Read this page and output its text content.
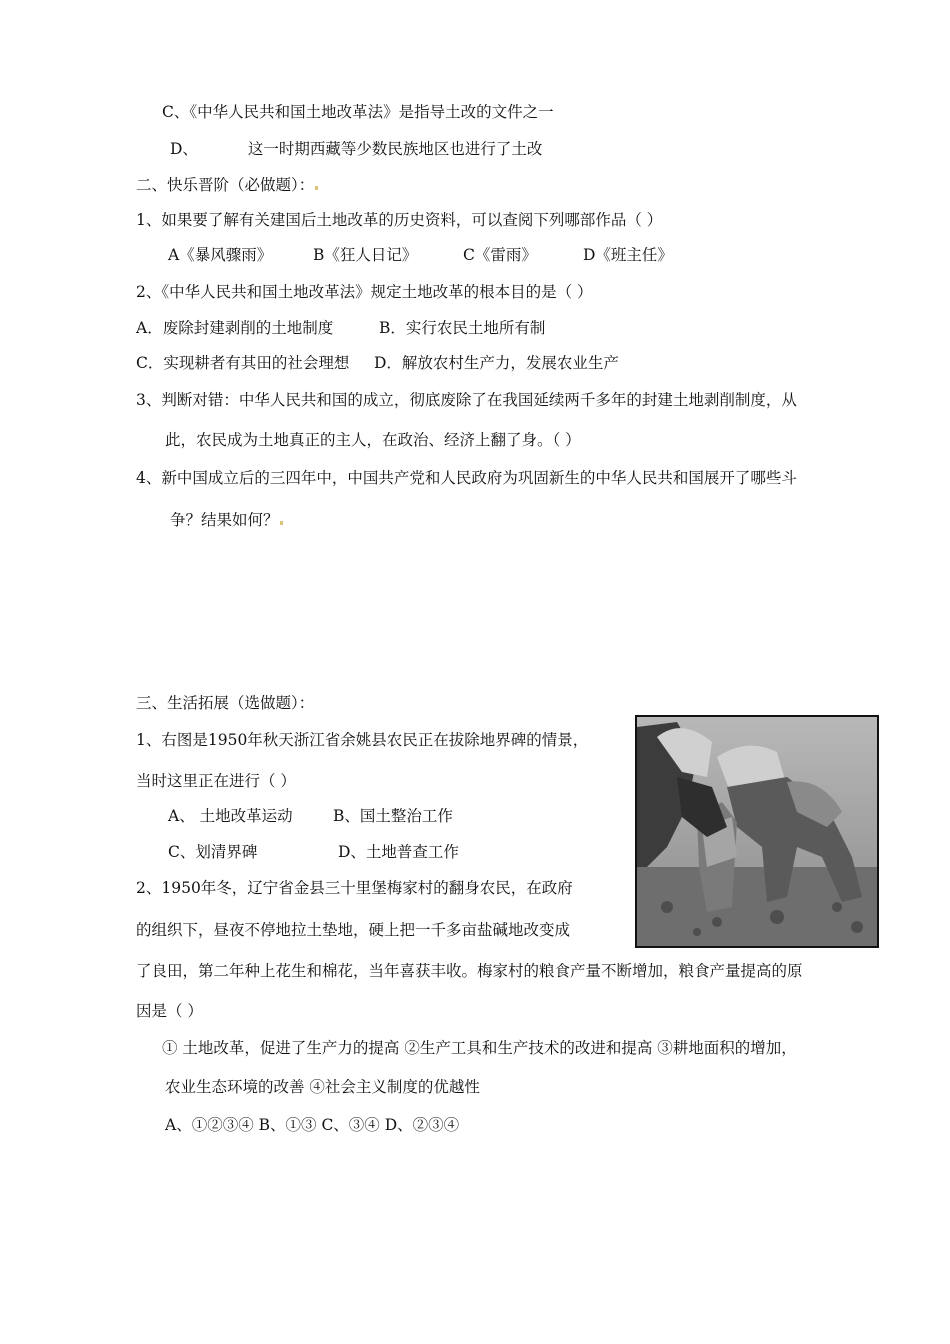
C、《中华人民共和国土地改革法》是指导土改的文件之一
D、	这一时期西藏等少数民族地区也进行了土改
二、快乐晋阶（必做题）：
1、如果要了解有关建国后土地改革的历史资料，可以查阅下列哪部作品（ ）
A《暴风骤雨》	B《狂人日记》	C《雷雨》	D《班主任》
2、《中华人民共和国土地改革法》规定土地改革的根本目的是（ ）
A．废除封建剥削的土地制度	B．实行农民土地所有制
C．实现耕者有其田的社会理想 D．解放农村生产力，发展农业生产
3、判断对错：中华人民共和国的成立，彻底废除了在我国延续两千多年的封建土地剥削制度，从
此，农民成为土地真正的主人，在政治、经济上翻了身。（ ）
4、新中国成立后的三四年中，中国共产党和人民政府为巩固新生的中华人民共和国展开了哪些斗
争？结果如何？
三、生活拓展（选做题）：
1、右图是1950年秋天浙江省余姚县农民正在拔除地界碑的情景，
当时这里正在进行（ ）
A、 土地改革运动	B、国土整治工作
C、划清界碑	D、土地普查工作
2、1950年冬，辽宁省金县三十里堡梅家村的翻身农民，在政府
的组织下，昼夜不停地拉土垫地，硬上把一千多亩盐碱地改变成
了良田，第二年种上花生和棉花，当年喜获丰收。梅家村的粮食产量不断增加，粮食产量提高的原
因是（ ）
① 土地改革，促进了生产力的提高 ②生产工具和生产技术的改进和提高 ③耕地面积的增加，
农业生态环境的改善 ④社会主义制度的优越性
A、①②③④ B、①③ C、③④ D、②③④
